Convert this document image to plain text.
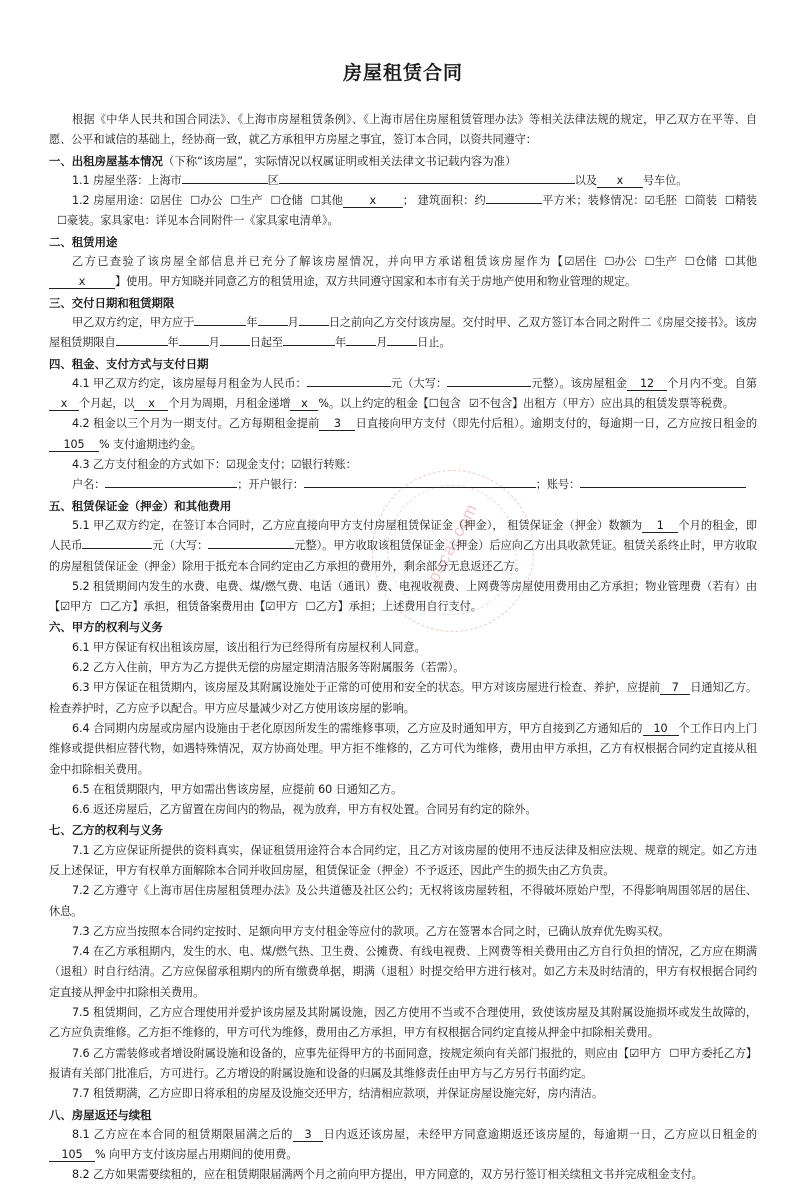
房屋租赁合同

根据《中华人民共和国合同法》、《上海市房屋租赁条例》、《上海市居住房屋租赁管理办法》等相关法律法规的规定，甲乙双方在平等、自愿、公平和诚信的基础上，经协商一致，就乙方承租甲方房屋之事宜，签订本合同，以资共同遵守：

一、出租房屋基本情况（下称“该房屋”，实际情况以权属证明或相关法律文书记载内容为准）

1.1 房屋坐落：上海市	区	以及 x 号车位。

1.2 房屋用途：☑居住 ☐办公 ☐生产 ☐仓储 ☐其他 x ； 建筑面积：约	平方米；装修情况：☑毛胚 ☐简装 ☐精装☐豪装。家具家电：详见本合同附件一《家具家电清单》。

二、租赁用途

乙方已查验了该房屋全部信息并已充分了解该房屋情况，并向甲方承诺租赁该房屋作为【☑居住 ☐办公 ☐生产 ☐仓储 ☐其他x	】使用。甲方知晓并同意乙方的租赁用途，双方共同遵守国家和本市有关于房地产使用和物业管理的规定。

三、交付日期和租赁期限

甲乙双方约定，甲方应于	年	月	日之前向乙方交付该房屋。交付时甲、乙双方签订本合同之附件二《房屋交接书》。该房屋租赁期限自	年	月	日起至	年	月	日止。

四、租金、支付方式与支付日期

4.1 甲乙双方约定，该房屋每月租金为人民币：	元（大写：	元整）。该房屋租金 12 个月内不变。自第x 个月起，以 x 个月为周期，月租金递增 x %。以上约定的租金【☐包含 ☑不包含】出租方（甲方）应出具的租赁发票等税费。

4.2 租金以三个月为一期支付。乙方每期租金提前 3 日直接向甲方支付（即先付后租）。逾期支付的，每逾期一日，乙方应按日租金的105 % 支付逾期违约金。

4.3 乙方支付租金的方式如下：☑现金支付；☑银行转账：

户名：	；开户银行：	；账号：

五、租赁保证金（押金）和其他费用

5.1 甲乙双方约定，在签订本合同时，乙方应直接向甲方支付房屋租赁保证金（押金）， 租赁保证金（押金）数额为 1 个月的租金，即人民币	元（大写：	元整）。甲方收取该租赁保证金（押金）后应向乙方出具收款凭证。租赁关系终止时，甲方收取的房屋租赁保证金（押金）除用于抵充本合同约定由乙方承担的费用外，剩余部分无息返还乙方。

5.2 租赁期间内发生的水费、电费、煤/燃气费、电话（通讯）费、电视收视费、上网费等房屋使用费用由乙方承担；物业管理费（若有）由【☑甲方 ☐乙方】承担，租赁备案费用由【☑甲方 ☐乙方】承担；上述费用自行支付。

六、甲方的权利与义务

6.1 甲方保证有权出租该房屋，该出租行为已经得所有房屋权利人同意。

6.2 乙方入住前，甲方为乙方提供无偿的房屋定期清洁服务等附属服务（若需）。

6.3 甲方保证在租赁期内，该房屋及其附属设施处于正常的可使用和安全的状态。甲方对该房屋进行检查、养护，应提前 7 日通知乙方。检查养护时，乙方应予以配合。甲方应尽量减少对乙方使用该房屋的影响。

6.4 合同期内房屋或房屋内设施由于老化原因所发生的需维修事项，乙方应及时通知甲方，甲方自接到乙方通知后的 10 个工作日内上门维修或提供相应替代物，如遇特殊情况，双方协商处理。甲方拒不维修的，乙方可代为维修，费用由甲方承担，乙方有权根据合同约定直接从租金中扣除相关费用。

6.5 在租赁期限内，甲方如需出售该房屋，应提前 60 日通知乙方。

6.6 返还房屋后，乙方留置在房间内的物品，视为放弃，甲方有权处置。合同另有约定的除外。

七、乙方的权利与义务

7.1 乙方应保证所提供的资料真实，保证租赁用途符合本合同约定，且乙方对该房屋的使用不违反法律及相应法规、规章的规定。如乙方违反上述保证，甲方有权单方面解除本合同并收回房屋，租赁保证金（押金）不予返还，因此产生的损失由乙方负责。

7.2 乙方遵守《上海市居住房屋租赁理办法》及公共道德及社区公约；无权将该房屋转租，不得破坏原始户型，不得影响周围邻居的居住、休息。

7.3 乙方应当按照本合同约定按时、足额向甲方支付租金等应付的款项。乙方在签署本合同之时，已确认放弃优先购买权。

7.4 在乙方承租期内，发生的水、电、煤/燃气热、卫生费、公摊费、有线电视费、上网费等相关费用由乙方自行负担的情况，乙方应在期满（退租）时自行结清。乙方应保留承租期内的所有缴费单据，期满（退租）时提交给甲方进行核对。如乙方未及时结清的，甲方有权根据合同约定直接从押金中扣除相关费用。

7.5 租赁期间，乙方应合理使用并爱护该房屋及其附属设施，因乙方使用不当或不合理使用，致使该房屋及其附属设施损坏或发生故障的，乙方应负责维修。乙方拒不维修的，甲方可代为维修，费用由乙方承担，甲方有权根据合同约定直接从押金中扣除相关费用。

7.6 乙方需装修或者增设附属设施和设备的，应事先征得甲方的书面同意，按规定须向有关部门报批的，则应由【☑甲方 ☐甲方委托乙方】报请有关部门批准后，方可进行。乙方增设的附属设施和设备的归属及其维修责任由甲方与乙方另行书面约定。

7.7 租赁期满，乙方应即日将承租的房屋及设施交还甲方，结清相应款项，并保证房屋设施完好，房内清洁。

八、房屋返还与续租

8.1 乙方应在本合同的租赁期限届满之后的 3 日内返还该房屋，未经甲方同意逾期返还该房屋的，每逾期一日，乙方应以日租金的105 % 向甲方支付该房屋占用期间的使用费。

8.2 乙方如果需要续租的，应在租赁期限届满两个月之前向甲方提出，甲方同意的，双方另行签订相关续租文书并完成租金支付。

pucai.com
